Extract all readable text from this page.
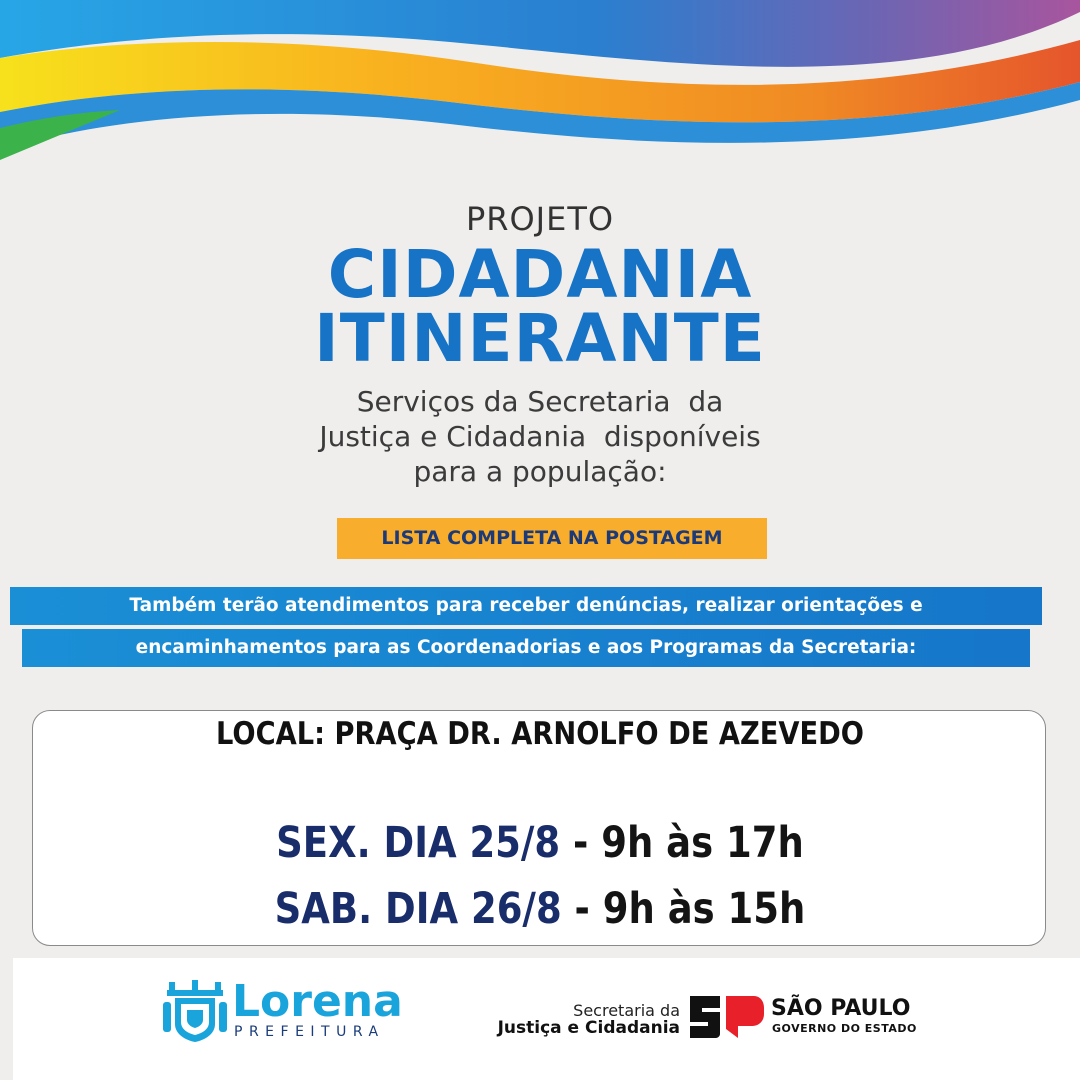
PROJETO
CIDADANIA
ITINERANTE
Serviços da Secretaria  da
Justiça e Cidadania  disponíveis
para a população:
LISTA COMPLETA NA POSTAGEM
Também terão atendimentos para receber denúncias, realizar orientações e
encaminhamentos para as Coordenadorias e aos Programas da Secretaria:
LOCAL: PRAÇA DR. ARNOLFO DE AZEVEDO
SEX. DIA 25/8 - 9h às 17h
SAB. DIA 26/8 - 9h às 15h
Lorena
PREFEITURA
Secretaria da
Justiça e Cidadania
SÃO PAULO
GOVERNO DO ESTADO
